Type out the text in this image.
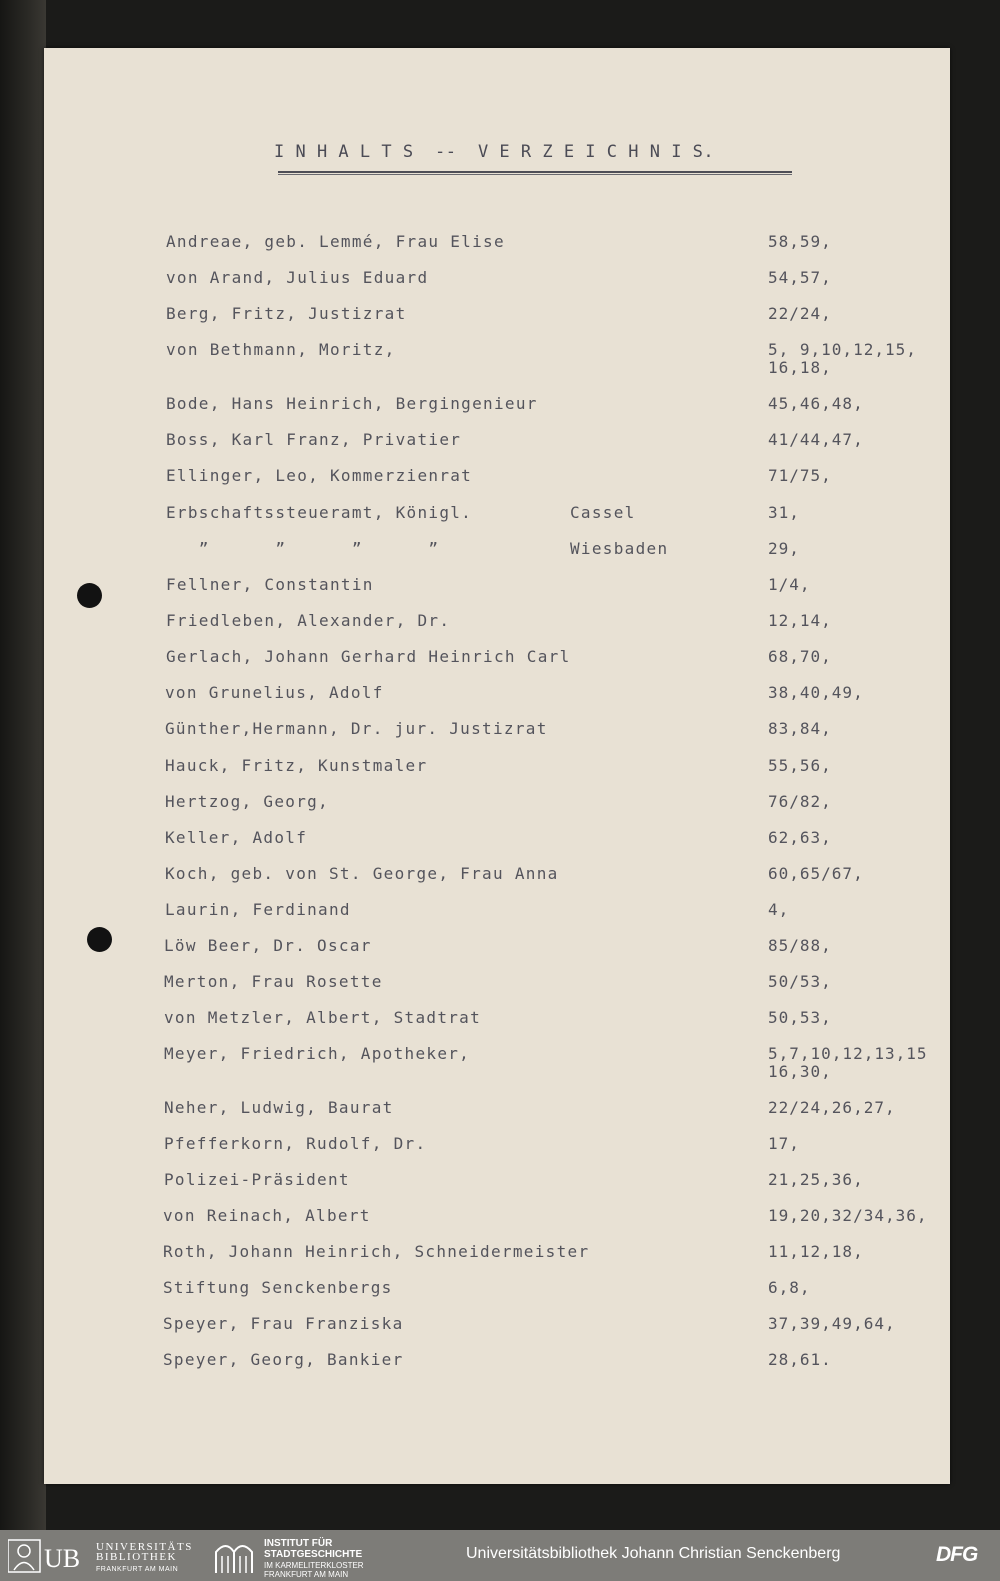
I N H A L T S  --  V E R Z E I C H N I S.
Andreae, geb. Lemmé, Frau Elise	58,59,
von Arand, Julius Eduard	54,57,
Berg, Fritz, Justizrat	22/24,
von Bethmann, Moritz,	5, 9,10,12,15,
16,18,
Bode, Hans Heinrich, Bergingenieur	45,46,48,
Boss, Karl Franz, Privatier	41/44,47,
Ellinger, Leo, Kommerzienrat	71/75,
Erbschaftssteueramt, Königl.	Cassel	31,
”      ”      ”      ”	Wiesbaden	29,
Fellner, Constantin	1/4,
Friedleben, Alexander, Dr.	12,14,
Gerlach, Johann Gerhard Heinrich Carl	68,70,
von Grunelius, Adolf	38,40,49,
Günther,Hermann, Dr. jur. Justizrat	83,84,
Hauck, Fritz, Kunstmaler	55,56,
Hertzog, Georg,	76/82,
Keller, Adolf	62,63,
Koch, geb. von St. George, Frau Anna	60,65/67,
Laurin, Ferdinand	4,
Löw Beer, Dr. Oscar	85/88,
Merton, Frau Rosette	50/53,
von Metzler, Albert, Stadtrat	50,53,
Meyer, Friedrich, Apotheker,	5,7,10,12,13,15
16,30,
Neher, Ludwig, Baurat	22/24,26,27,
Pfefferkorn, Rudolf, Dr.	17,
Polizei-Präsident	21,25,36,
von Reinach, Albert	19,20,32/34,36,
Roth, Johann Heinrich, Schneidermeister	11,12,18,
Stiftung Senckenbergs	6,8,
Speyer, Frau Franziska	37,39,49,64,
Speyer, Georg, Bankier	28,61.
UB UNIVERSITÄTS
BIBLIOTHEK
FRANKFURT AM MAIN
INSTITUT FÜR
STADTGESCHICHTE
IM KARMELITERKLOSTER
FRANKFURT AM MAIN
Universitätsbibliothek Johann Christian Senckenberg	DFG
